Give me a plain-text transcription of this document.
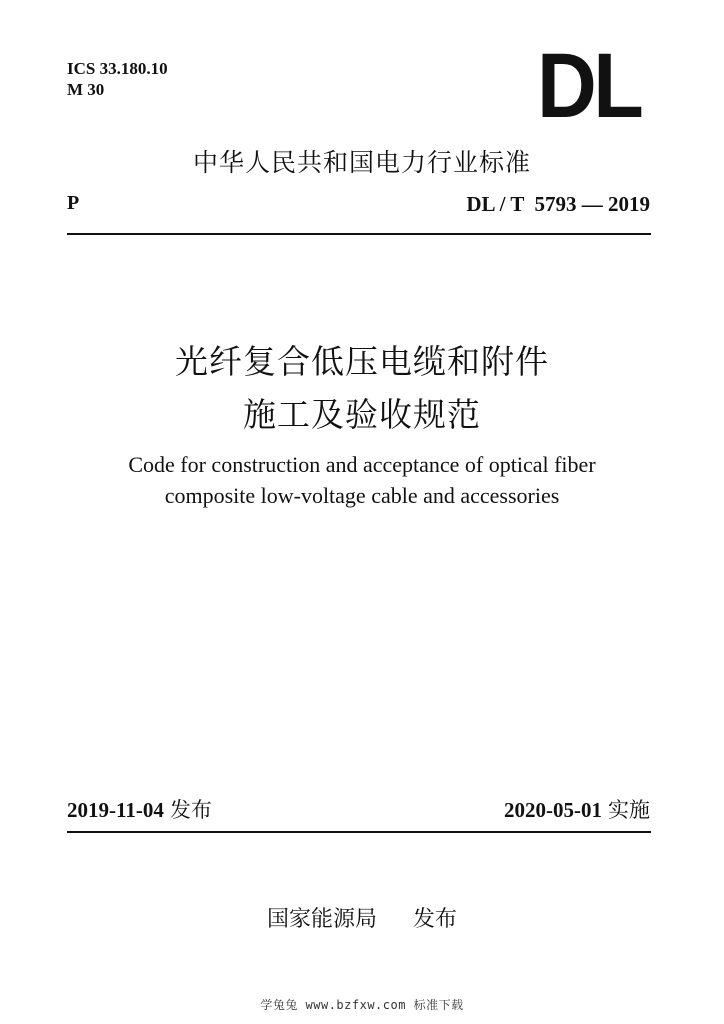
ICS 33.180.10
M 30	DL
中华人民共和国电力行业标准
P	DL / T  5793 — 2019
光纤复合低压电缆和附件
施工及验收规范
Code for construction and acceptance of optical fiber
composite low-voltage cable and accessories
2019-11-04 发布	2020-05-01 实施
国家能源局 发布
学兔兔 www.bzfxw.com 标准下载
